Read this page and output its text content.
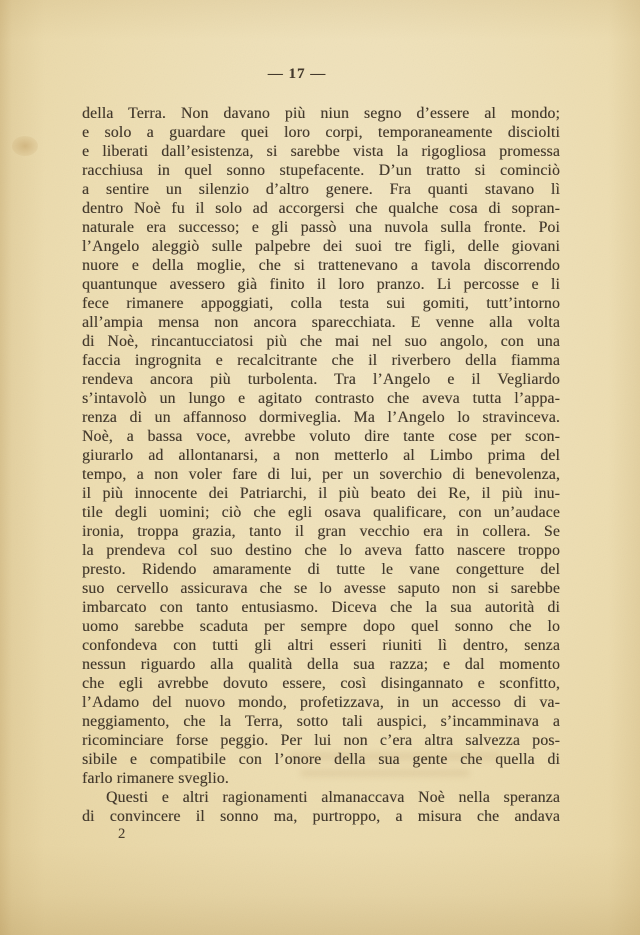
— 17 —
della Terra. Non davano più niun segno d’essere al mondo;
e solo a guardare quei loro corpi, temporaneamente disciolti
e liberati dall’esistenza, si sarebbe vista la rigogliosa promessa
racchiusa in quel sonno stupefacente. D’un tratto si cominciò
a sentire un silenzio d’altro genere. Fra quanti stavano lì
dentro Noè fu il solo ad accorgersi che qualche cosa di sopran-
naturale era successo; e gli passò una nuvola sulla fronte. Poi
l’Angelo aleggiò sulle palpebre dei suoi tre figli, delle giovani
nuore e della moglie, che si trattenevano a tavola discorrendo
quantunque avessero già finito il loro pranzo. Li percosse e li
fece rimanere appoggiati, colla testa sui gomiti, tutt’intorno
all’ampia mensa non ancora sparecchiata. E venne alla volta
di Noè, rincantucciatosi più che mai nel suo angolo, con una
faccia ingrognita e recalcitrante che il riverbero della fiamma
rendeva ancora più turbolenta. Tra l’Angelo e il Vegliardo
s’intavolò un lungo e agitato contrasto che aveva tutta l’appa-
renza di un affannoso dormiveglia. Ma l’Angelo lo stravinceva.
Noè, a bassa voce, avrebbe voluto dire tante cose per scon-
giurarlo ad allontanarsi, a non metterlo al Limbo prima del
tempo, a non voler fare di lui, per un soverchio di benevolenza,
il più innocente dei Patriarchi, il più beato dei Re, il più inu-
tile degli uomini; ciò che egli osava qualificare, con un’audace
ironia, troppa grazia, tanto il gran vecchio era in collera. Se
la prendeva col suo destino che lo aveva fatto nascere troppo
presto. Ridendo amaramente di tutte le vane congetture del
suo cervello assicurava che se lo avesse saputo non si sarebbe
imbarcato con tanto entusiasmo. Diceva che la sua autorità di
uomo sarebbe scaduta per sempre dopo quel sonno che lo
confondeva con tutti gli altri esseri riuniti lì dentro, senza
nessun riguardo alla qualità della sua razza; e dal momento
che egli avrebbe dovuto essere, così disingannato e sconfitto,
l’Adamo del nuovo mondo, profetizzava, in un accesso di va-
neggiamento, che la Terra, sotto tali auspici, s’incamminava a
ricominciare forse peggio. Per lui non c’era altra salvezza pos-
sibile e compatibile con l’onore della sua gente che quella di
farlo rimanere sveglio.
Questi e altri ragionamenti almanaccava Noè nella speranza
di convincere il sonno ma, purtroppo, a misura che andava
2
